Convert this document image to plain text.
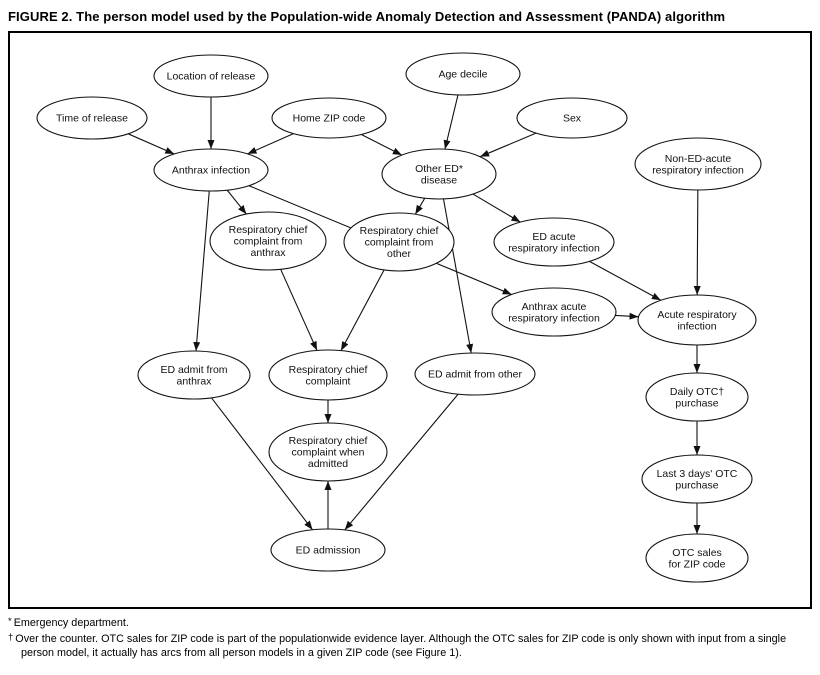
FIGURE 2. The person model used by the Population-wide Anomaly Detection and Assessment (PANDA) algorithm
Location of release
Time of release	Home ZIP code
Age decile
Sex
Anthrax infection	Other ED* disease
Non-ED-acute respiratory infection
Respiratory chief complaint from anthrax
Respiratory chief complaint from other
ED acute respiratory infection
Anthrax acute respiratory infection	Acute respiratory infection
ED admit from anthrax
Respiratory chief complaint
ED admit from other
Daily OTC† purchase
Respiratory chief complaint when admitted
Last 3 days' OTC purchase
ED admission	OTC sales for ZIP code
* Emergency department.
† Over the counter. OTC sales for ZIP code is part of the populationwide evidence layer. Although the OTC sales for ZIP code is only shown with input from a single person model, it actually has arcs from all person models in a given ZIP code (see Figure 1).
